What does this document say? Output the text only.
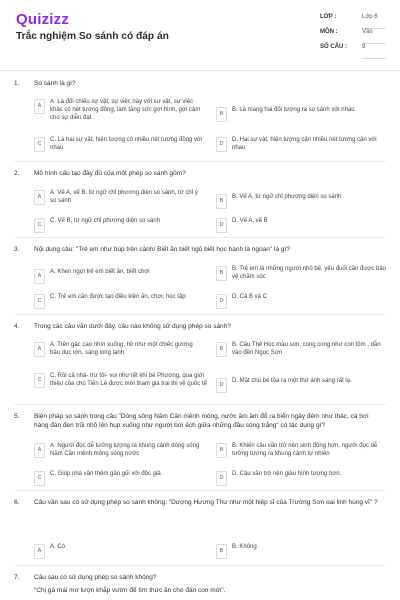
Quizizz
Trắc nghiệm So sánh có đáp án
LỚP :	Lớp 6
MÔN :	Văn
SỐ CÂU :	9
1. So sánh là gì?
A
A. Là đối chiếu sự vật, sự việc này với sự vật, sự việc khác có nét tương đồng, làm tăng sức gợi hình, gợi cảm cho sự diễn đạt
B
B. Là mang hai đối tượng ra so sánh với nhau
C
C. Là hai sự vật, hiện tượng có nhiều nét tương đồng với nhau
D
D. Hai sự vật, hiện tượng cận nhiều nét tương cận với nhau
2. Mô hình cấu tạo đầy đủ của một phép so sánh gồm?
A
A. Vế A, vế B, từ ngữ chỉ phương diện so sánh, từ chỉ ý so sánh	B
B. Vế A, từ ngữ chỉ phương diện so sánh
C
C. Vế B, từ ngữ chỉ phương diện so sánh
D
D. Vế A, vế B
3. Nội dung câu: "Trẻ em như búp trên cành/ Biết ăn biết ngủ biết học hành là ngoan" là gì?
A
A. Khen ngợi trẻ em biết ăn, biết chơi	B
B. Trẻ em là những người nhỏ bé, yếu đuối cần được bảo vệ chăm sóc
C
C. Trẻ em cần được tạo điều kiện ăn, chơi, học tập
D
D. Cả B và C
4. Trong các câu văn dưới đây, câu nào không sử dụng phép so sánh?
A
A. Trên gác cao nhìn xuống, hồ như một chiếc gương bầu dục lớn, sáng long lanh
B
B. Cầu Thê Húc màu son, cong cong như con tôm , dẫn vào đền Ngọc Sơn
C
C. Rồi cả nhà- trừ tôi- vui như tết khi bé Phương, qua giới thiệu của chú Tiến Lê được mời tham gia trại thi vẽ quốc tế	D
D. Mặt chú bé tỏa ra một thứ ánh sáng rất lạ.
5. Biện pháp so sánh trong câu "Dòng sông Năm Căn mênh mông, nước ầm ầm đổ ra biển ngày đêm như thác, cá bơi hàng đàn đen trũi nhô lên hụp xuống như người bơi ếch giữa những đầu sóng trắng" có tác dụng gì?
A
A. Người đọc dễ tưởng tượng ra khung cảnh dòng sông Năm Căn mênh mông sóng nước
B
B. Khiến câu văn trở nên sinh động hơn, người đọc dễ tưởng tượng ra khung cảnh tự nhiên
C
C. Giúp nhà văn thêm gần gũi với độc giả
D
D. Câu văn trở nên giàu hình tượng hơn.
6. Câu văn sau có sử dụng phép so sánh không: "Dượng Hương Thư như một hiệp sĩ của Trường Sơn oai linh hùng vĩ" ?
A
A. Có
B
B. Không
7. Câu sau có sử dụng phép so sánh không?
"Chị gà mái mơ lượn khắp vườn để tìm thức ăn cho đàn con mới".
